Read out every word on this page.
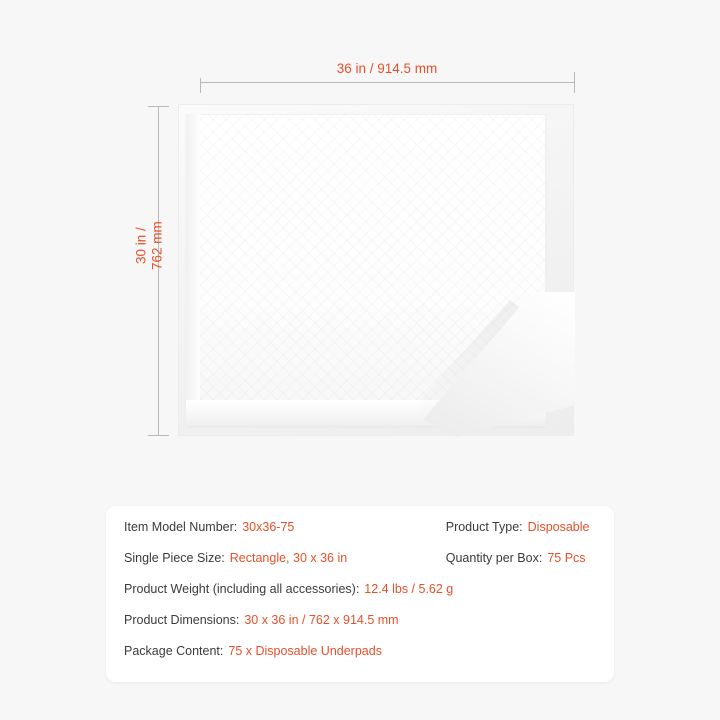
36 in / 914.5 mm
30 in / 762 mm
Item Model Number: 30x36-75	Product Type: Disposable
Single Piece Size: Rectangle, 30 x 36 in	Quantity per Box: 75 Pcs
Product Weight (including all accessories): 12.4 lbs / 5.62 g
Product Dimensions: 30 x 36 in / 762 x 914.5 mm
Package Content: 75 x Disposable Underpads
